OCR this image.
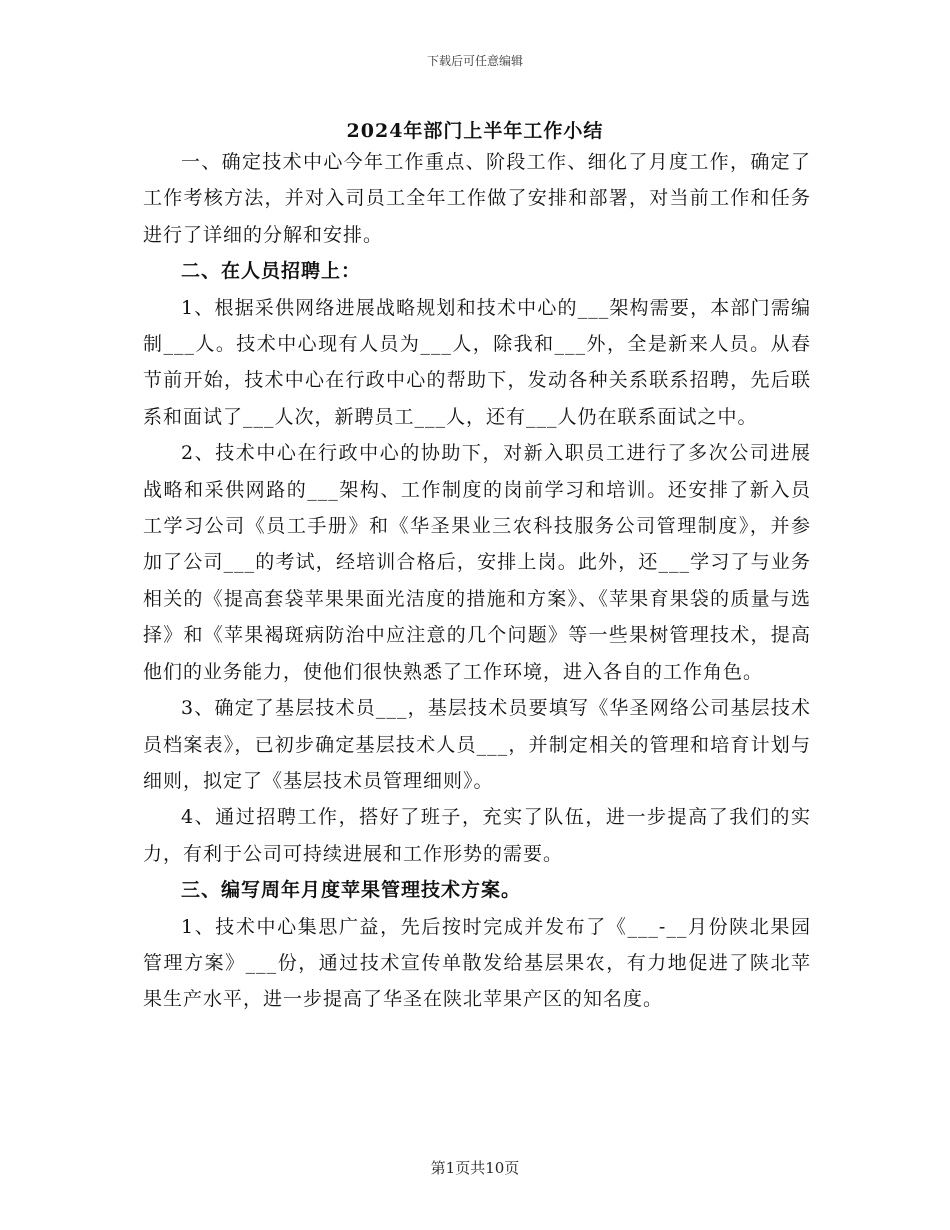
下载后可任意编辑
2024年部门上半年工作小结

一、确定技术中心今年工作重点、阶段工作、细化了月度工作，确定了工作考核方法，并对入司员工全年工作做了安排和部署，对当前工作和任务进行了详细的分解和安排。

二、在人员招聘上：

1、根据采供网络进展战略规划和技术中心的___架构需要，本部门需编制___人。技术中心现有人员为___人，除我和___外，全是新来人员。从春节前开始，技术中心在行政中心的帮助下，发动各种关系联系招聘，先后联系和面试了___人次，新聘员工___人，还有___人仍在联系面试之中。

2、技术中心在行政中心的协助下，对新入职员工进行了多次公司进展战略和采供网路的___架构、工作制度的岗前学习和培训。还安排了新入员工学习公司《员工手册》和《华圣果业三农科技服务公司管理制度》，并参加了公司___的考试，经培训合格后，安排上岗。此外，还___学习了与业务相关的《提高套袋苹果果面光洁度的措施和方案》、《苹果育果袋的质量与选择》和《苹果褐斑病防治中应注意的几个问题》等一些果树管理技术，提高他们的业务能力，使他们很快熟悉了工作环境，进入各自的工作角色。

3、确定了基层技术员___，基层技术员要填写《华圣网络公司基层技术员档案表》，已初步确定基层技术人员___，并制定相关的管理和培育计划与细则，拟定了《基层技术员管理细则》。

4、通过招聘工作，搭好了班子，充实了队伍，进一步提高了我们的实力，有利于公司可持续进展和工作形势的需要。

三、编写周年月度苹果管理技术方案。

1、技术中心集思广益，先后按时完成并发布了《___-__月份陕北果园管理方案》___份，通过技术宣传单散发给基层果农，有力地促进了陕北苹果生产水平，进一步提高了华圣在陕北苹果产区的知名度。

第1页共10页
